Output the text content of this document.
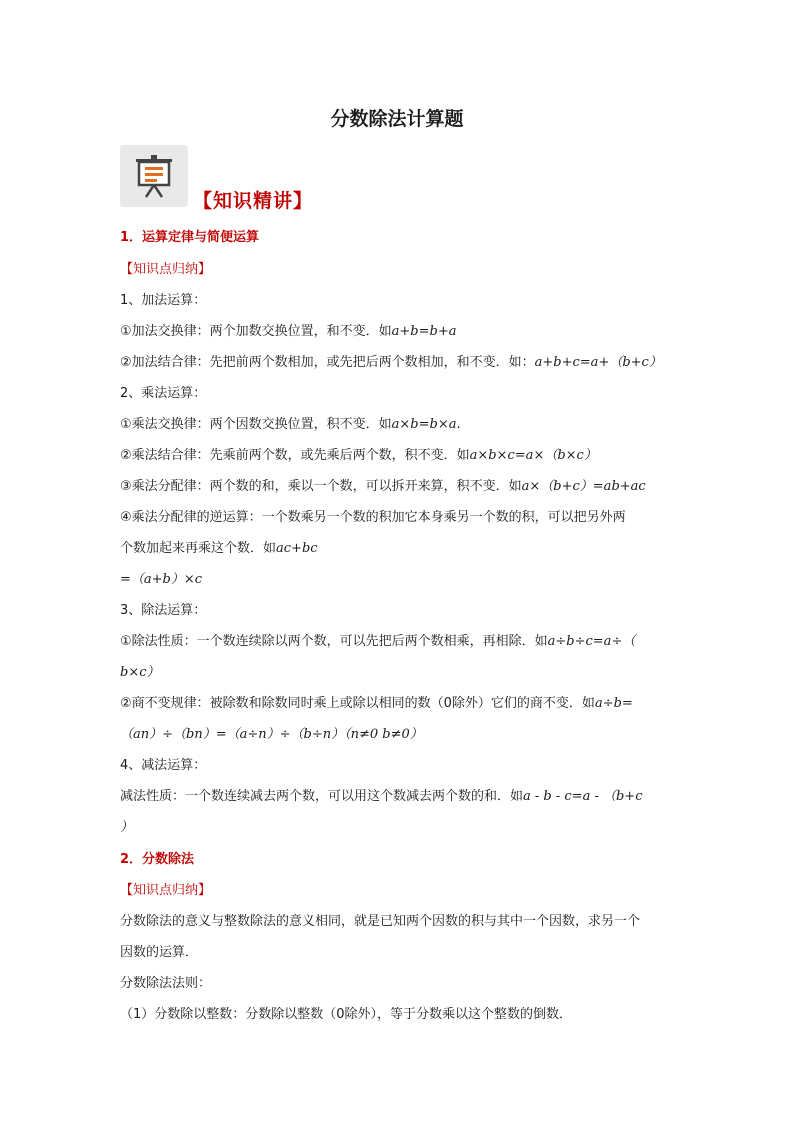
分数除法计算题
【知识精讲】
1．运算定律与简便运算
【知识点归纳】
1、加法运算：
①加法交换律：两个加数交换位置，和不变．如a+b=b+a
②加法结合律：先把前两个数相加，或先把后两个数相加，和不变．如：a+b+c=a+（b+c）
2、乘法运算：
①乘法交换律：两个因数交换位置，积不变．如a×b=b×a.
②乘法结合律：先乘前两个数，或先乘后两个数，积不变．如a×b×c=a×（b×c）
③乘法分配律：两个数的和，乘以一个数，可以拆开来算，积不变．如a×（b+c）=ab+ac
④乘法分配律的逆运算：一个数乘另一个数的积加它本身乘另一个数的积，可以把另外两
个数加起来再乘这个数．如ac+bc
=（a+b）×c
3、除法运算：
①除法性质：一个数连续除以两个数，可以先把后两个数相乘，再相除．如a÷b÷c=a÷（
b×c）
②商不变规律：被除数和除数同时乘上或除以相同的数（0除外）它们的商不变．如a÷b=
（an）÷（bn）=（a÷n）÷（b÷n）（n≠0 b≠0）
4、减法运算：
减法性质：一个数连续减去两个数，可以用这个数减去两个数的和．如a - b - c=a - （b+c
）
2．分数除法
【知识点归纳】
分数除法的意义与整数除法的意义相同，就是已知两个因数的积与其中一个因数，求另一个
因数的运算．
分数除法法则：
（1）分数除以整数：分数除以整数（0除外），等于分数乘以这个整数的倒数．
